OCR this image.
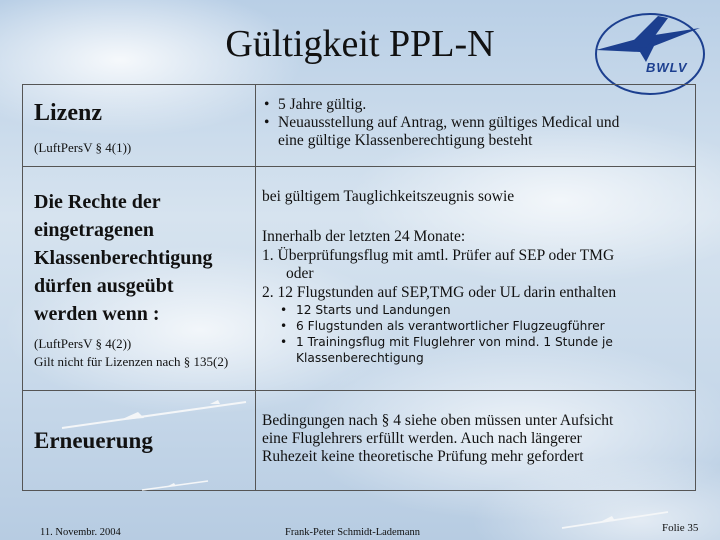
Gültigkeit PPL-N
BWLV
Lizenz
(LuftPersV § 4(1))
• 5 Jahre gültig.
• Neuausstellung auf Antrag, wenn gültiges Medical und
eine gültige Klassenberechtigung besteht
Die Rechte der
eingetragenen
Klassenberechtigung
dürfen ausgeübt
werden wenn :
(LuftPersV § 4(2))
Gilt nicht für Lizenzen nach § 135(2)
bei gültigem Tauglichkeitszeugnis sowie
Innerhalb der letzten 24 Monate:
1. Überprüfungsflug mit amtl. Prüfer auf SEP oder TMG
oder
2. 12 Flugstunden auf SEP,TMG oder UL darin enthalten
• 12 Starts und Landungen
• 6 Flugstunden als verantwortlicher Flugzeugführer
• 1 Trainingsflug mit Fluglehrer von mind. 1 Stunde je
Klassenberechtigung
Erneuerung
Bedingungen nach § 4 siehe oben müssen unter Aufsicht
eine Fluglehrers erfüllt werden. Auch nach längerer
Ruhezeit keine theoretische Prüfung mehr gefordert
11. Novembr. 2004	Frank-Peter Schmidt-Lademann	Folie 35
